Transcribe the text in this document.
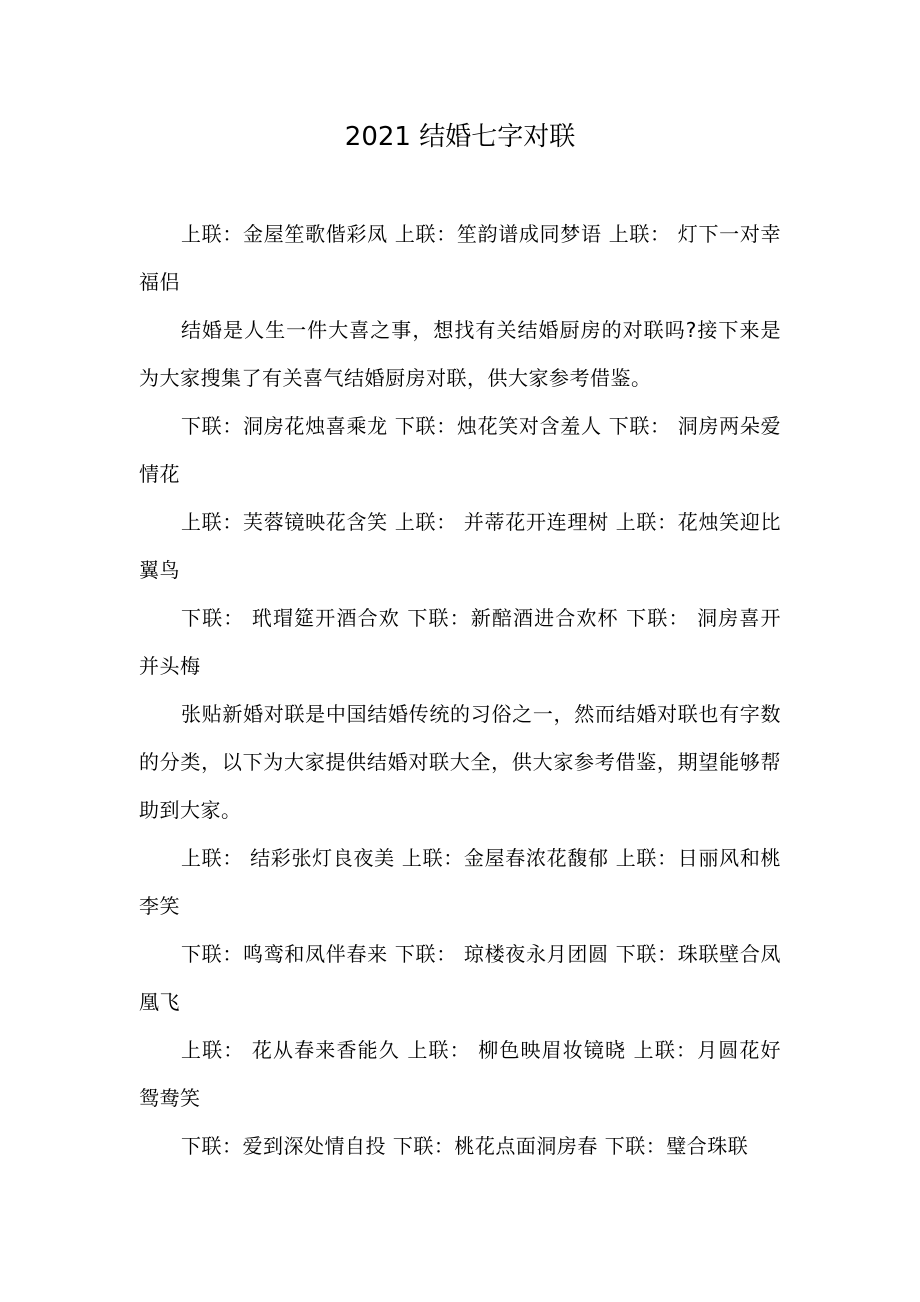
2021 结婚七字对联

上联：金屋笙歌偕彩凤 上联：笙韵谱成同梦语 上联： 灯下一对幸福侣

结婚是人生一件大喜之事，想找有关结婚厨房的对联吗?接下来是为大家搜集了有关喜气结婚厨房对联，供大家参考借鉴。

下联：洞房花烛喜乘龙 下联：烛花笑对含羞人 下联： 洞房两朵爱情花

上联：芙蓉镜映花含笑 上联： 并蒂花开连理树 上联：花烛笑迎比翼鸟

下联： 玳瑁筵开酒合欢 下联：新醅酒进合欢杯 下联： 洞房喜开并头梅

张贴新婚对联是中国结婚传统的习俗之一，然而结婚对联也有字数的分类，以下为大家提供结婚对联大全，供大家参考借鉴，期望能够帮助到大家。

上联： 结彩张灯良夜美 上联：金屋春浓花馥郁 上联：日丽风和桃李笑

下联：鸣鸾和凤伴春来 下联： 琼楼夜永月团圆 下联：珠联壁合凤凰飞

上联： 花从春来香能久 上联： 柳色映眉妆镜晓 上联：月圆花好鸳鸯笑

下联：爱到深处情自投 下联：桃花点面洞房春 下联：璧合珠联
